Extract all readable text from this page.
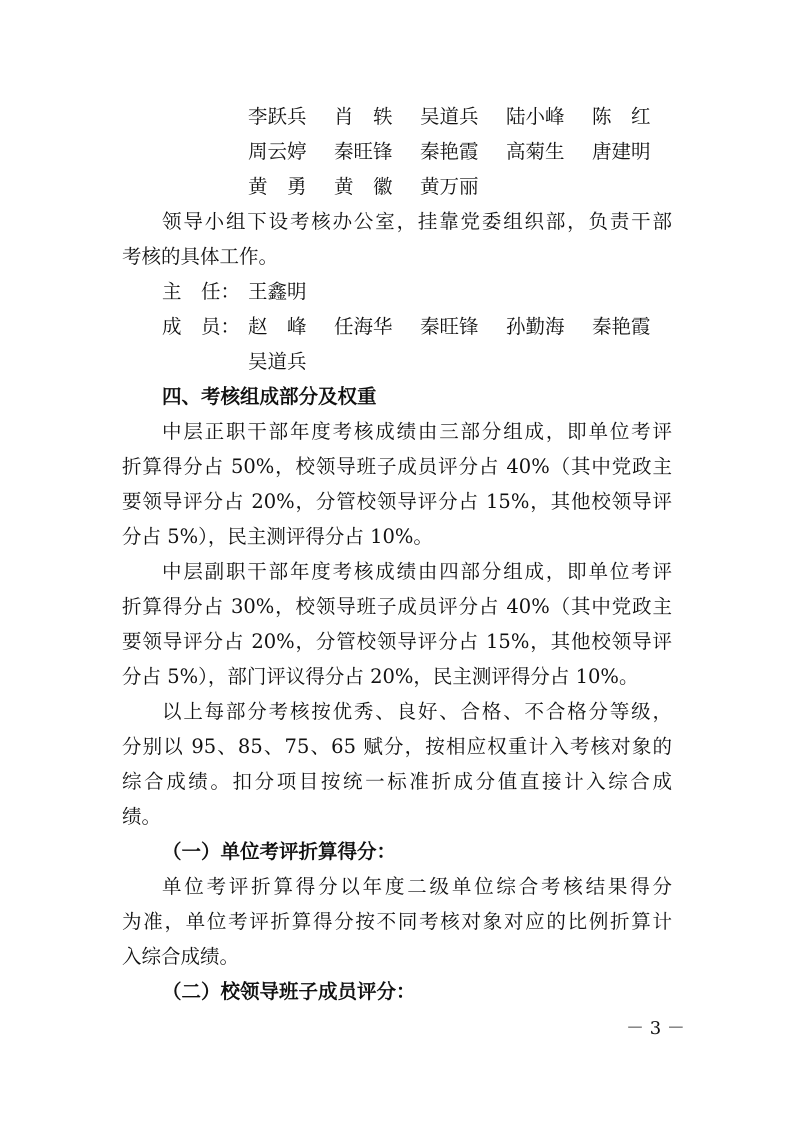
李跃兵 肖　轶 吴道兵 陆小峰 陈　红
周云婷 秦旺锋 秦艳霞 高菊生 唐建明
黄　勇 黄　徽 黄万丽
领导小组下设考核办公室，挂靠党委组织部，负责干部
考核的具体工作。
主　任： 王鑫明
成　员： 赵　峰 任海华 秦旺锋 孙勤海 秦艳霞
吴道兵
四、考核组成部分及权重
中层正职干部年度考核成绩由三部分组成，即单位考评
折算得分占 50%，校领导班子成员评分占 40%（其中党政主
要领导评分占 20%，分管校领导评分占 15%，其他校领导评
分占 5%），民主测评得分占 10%。
中层副职干部年度考核成绩由四部分组成，即单位考评
折算得分占 30%，校领导班子成员评分占 40%（其中党政主
要领导评分占 20%，分管校领导评分占 15%，其他校领导评
分占 5%），部门评议得分占 20%，民主测评得分占 10%。
以上每部分考核按优秀、良好、合格、不合格分等级，
分别以 95、85、75、65 赋分，按相应权重计入考核对象的
综合成绩。扣分项目按统一标准折成分值直接计入综合成
绩。
（一）单位考评折算得分：
单位考评折算得分以年度二级单位综合考核结果得分
为准，单位考评折算得分按不同考核对象对应的比例折算计
入综合成绩。
（二）校领导班子成员评分：
－ 3 －
